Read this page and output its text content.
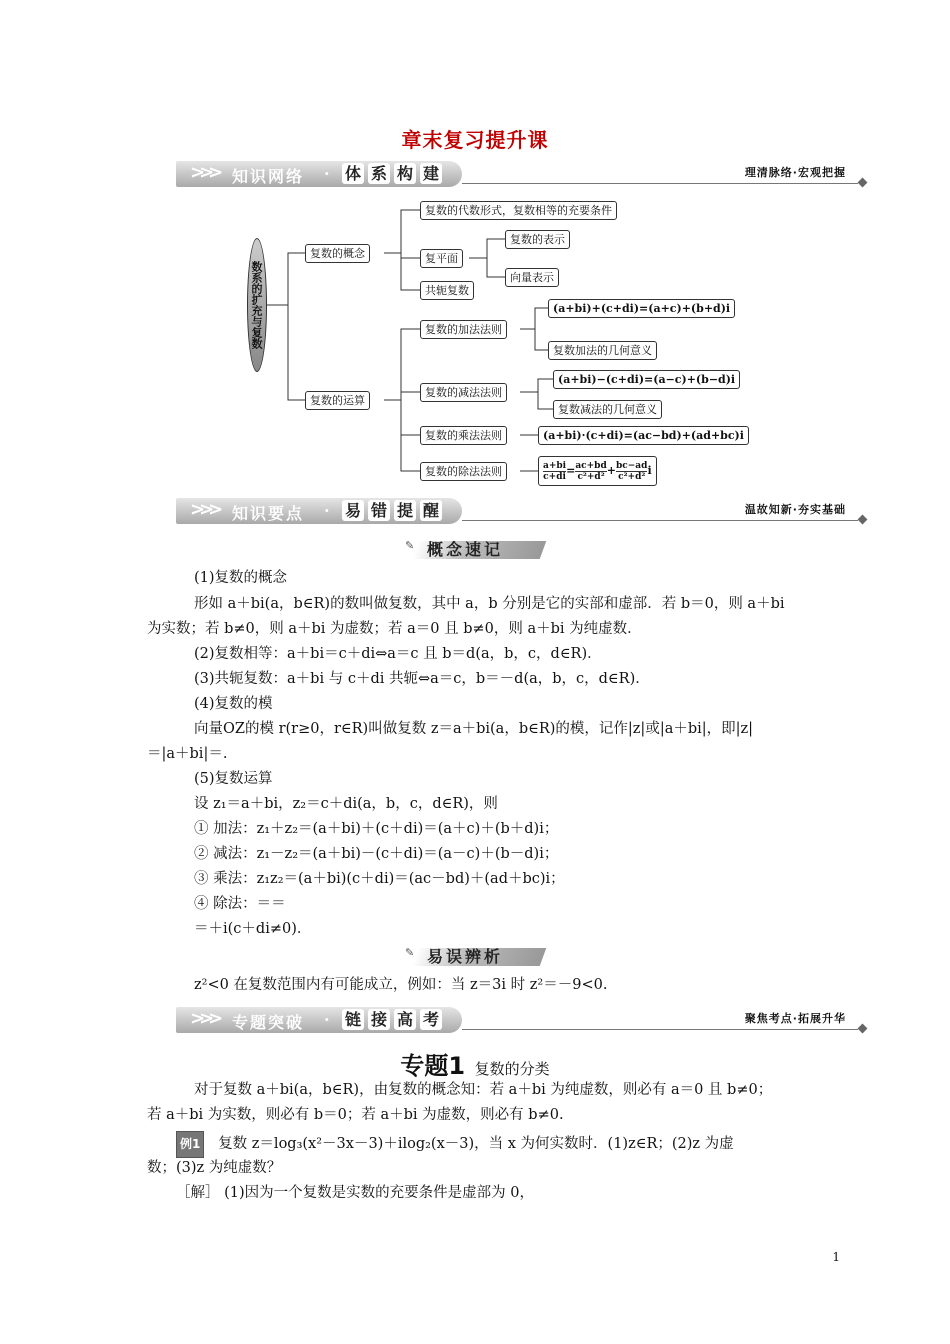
章末复习提升课
>>> 知识网络 · 体 系 构 建	理清脉络·宏观把握
数系的扩充与复数
复数的概念
复数的代数形式，复数相等的充要条件
复平面
复数的表示
向量表示
共轭复数
复数的运算
复数的加法法则
(a+bi)+(c+di)=(a+c)+(b+d)i
复数加法的几何意义
复数的减法法则
(a+bi)−(c+di)=(a−c)+(b−d)i
复数减法的几何意义
复数的乘法法则	(a+bi)·(c+di)=(ac−bd)+(ad+bc)i
复数的除法法则	$\frac{a+bi}{c+di} = \frac{ac+bd}{\text{c²+d²}} + \frac{bc-ad}{\text{c²+d²}}$ i
>>> 知识要点 · 易 错 提 醒	温故知新·夯实基础
✎ 概念速记
(1)复数的概念
形如 a＋bi(a，b∈R)的数叫做复数，其中 a，b 分别是它的实部和虚部．若 b＝0，则 a＋bi
为实数；若 b≠0，则 a＋bi 为虚数；若 a＝0 且 b≠0，则 a＋bi 为纯虚数．
(2)复数相等：a＋bi＝c＋di⇔a＝c 且 b＝d(a，b，c，d∈R)．
(3)共轭复数：a＋bi 与 c＋di 共轭⇔a＝c，b＝－d(a，b，c，d∈R)．
(4)复数的模
向量OZ的模 r(r≥0，r∈R)叫做复数 z＝a＋bi(a，b∈R)的模，记作|z|或|a＋bi|，即|z|
＝|a＋bi|＝.
(5)复数运算
设 z₁＝a＋bi，z₂＝c＋di(a，b，c，d∈R)，则
① 加法：z₁＋z₂＝(a＋bi)＋(c＋di)＝(a＋c)＋(b＋d)i；
② 减法：z₁－z₂＝(a＋bi)－(c＋di)＝(a－c)＋(b－d)i；
③ 乘法：z₁z₂＝(a＋bi)(c＋di)＝(ac－bd)＋(ad＋bc)i；
④ 除法：＝＝
＝＋i(c＋di≠0)．
✎ 易误辨析
z²<0 在复数范围内有可能成立，例如：当 z＝3i 时 z²＝－9<0.
>>> 专题突破 · 链 接 高 考	聚焦考点·拓展升华
专题1 复数的分类
对于复数 a＋bi(a，b∈R)，由复数的概念知：若 a＋bi 为纯虚数，则必有 a＝0 且 b≠0；
若 a＋bi 为实数，则必有 b＝0；若 a＋bi 为虚数，则必有 b≠0.
例1 复数 z＝log₃(x²－3x－3)＋ilog₂(x－3)，当 x 为何实数时．(1)z∈R；(2)z 为虚
数；(3)z 为纯虚数？
［解］ (1)因为一个复数是实数的充要条件是虚部为 0，
1
